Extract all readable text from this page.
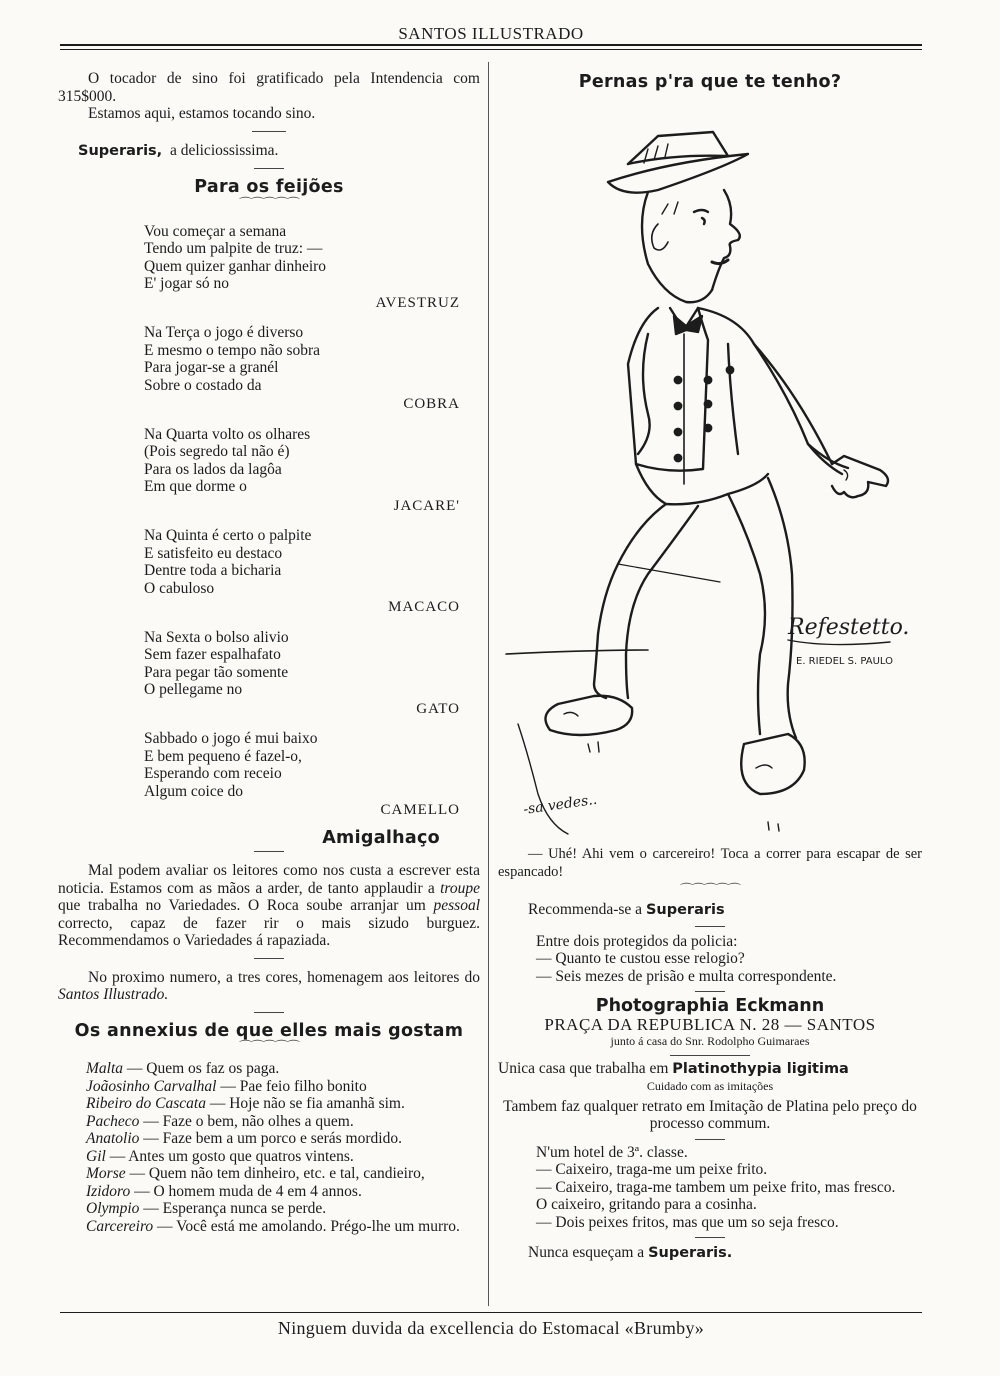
SANTOS ILLUSTRADO

O tocador de sino foi gratificado pela Intendencia com 315$000.

Estamos aqui, estamos tocando sino.

Superaris, a deliciossissima.

Para os feijões
⌒⌒⌒⌒⌒
Vou começar a semana
Tendo um palpite de truz: —
Quem quizer ganhar dinheiro
E' jogar só no
AVESTRUZ
Na Terça o jogo é diverso
E mesmo o tempo não sobra
Para jogar-se a granél
Sobre o costado da
COBRA
Na Quarta volto os olhares
(Pois segredo tal não é)
Para os lados da lagôa
Em que dorme o
JACARE'
Na Quinta é certo o palpite
E satisfeito eu destaco
Dentre toda a bicharia
O cabuloso
MACACO
Na Sexta o bolso alivio
Sem fazer espalhafato
Para pegar tão somente
O pellegame no
GATO
Sabbado o jogo é mui baixo
E bem pequeno é fazel-o,
Esperando com receio
Algum coice do
CAMELLO
Amigalhaço

Mal podem avaliar os leitores como nos custa a escrever esta noticia. Estamos com as mãos a arder, de tanto applaudir a troupe que trabalha no Variedades. O Roca soube arranjar um pessoal correcto, capaz de fazer rir o mais sizudo burguez. Recommendamos o Variedades á rapaziada.

No proximo numero, a tres cores, homenagem aos leitores do Santos Illustrado.

Os annexius de que elles mais gostam
⌒⌒⌒⌒⌒
Malta — Quem os faz os paga.
Joãosinho Carvalhal — Pae feio filho bonito
Ribeiro do Cascata — Hoje não se fia amanhã sim.
Pacheco — Faze o bem, não olhes a quem.
Anatolio — Faze bem a um porco e serás mordido.
Gil — Antes um gosto que quatros vintens.
Morse — Quem não tem dinheiro, etc. e tal, candieiro,
Izidoro — O homem muda de 4 em 4 annos.
Olympio — Esperança nunca se perde.
Carcereiro — Você está me amolando. Prégo-lhe um murro.
Pernas p'ra que te tenho?
Refestetto.
E. RIEDEL S. PAULO
-sa vedes..

— Uhé! Ahi vem o carcereiro! Toca a correr para escapar de ser espancado!

⌒⌒⌒⌒⌒

Recommenda-se a Superaris

Entre dois protegidos da policia:
— Quanto te custou esse relogio?
— Seis mezes de prisão e multa correspondente.
Photographia Eckmann
PRAÇA DA REPUBLICA N. 28 — SANTOS
junto á casa do Snr. Rodolpho Guimaraes

Unica casa que trabalha em Platinothypia ligitima

Cuidado com as imitações

Tambem faz qualquer retrato em Imitação de Platina pelo preço do processo commum.

N'um hotel de 3ª. classe.
— Caixeiro, traga-me um peixe frito.
— Caixeiro, traga-me tambem um peixe frito, mas fresco.
O caixeiro, gritando para a cosinha.
— Dois peixes fritos, mas que um so seja fresco.

Nunca esqueçam a Superaris.

Ninguem duvida da excellencia do Estomacal «Brumby»
